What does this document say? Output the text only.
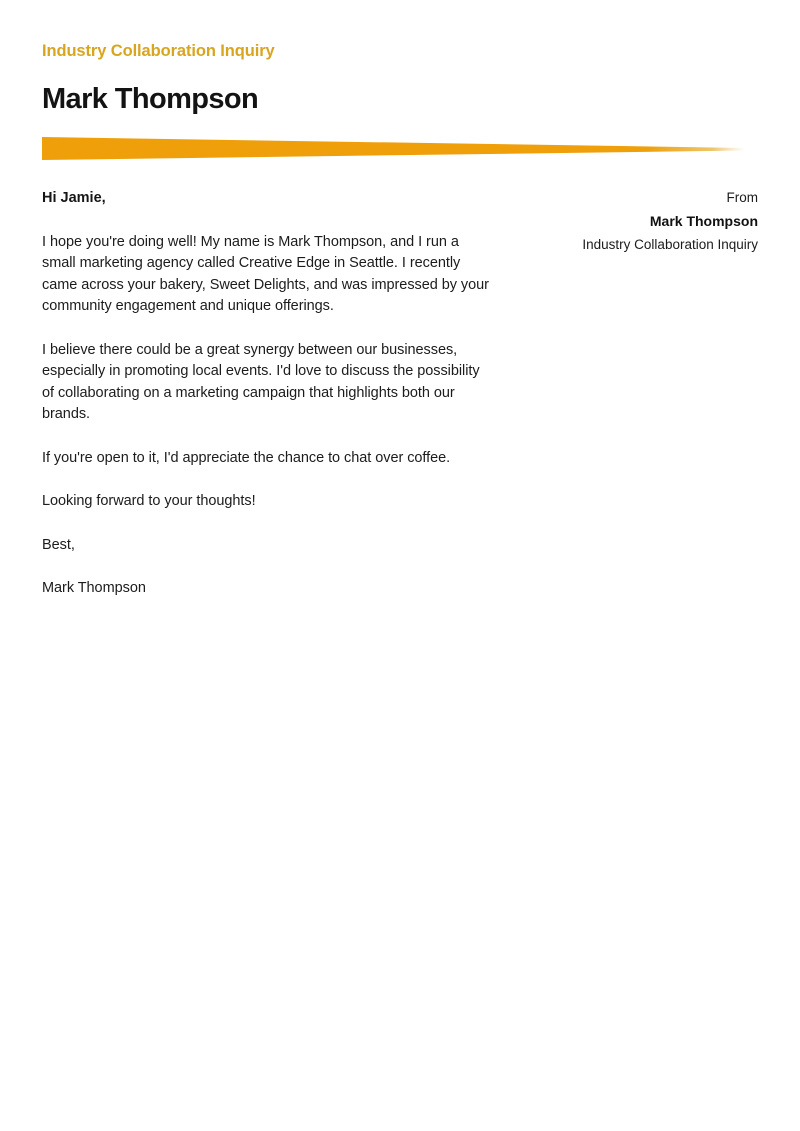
Industry Collaboration Inquiry
Mark Thompson

Hi Jamie,

I hope you're doing well! My name is Mark Thompson, and I run a small marketing agency called Creative Edge in Seattle. I recently came across your bakery, Sweet Delights, and was impressed by your community engagement and unique offerings.

I believe there could be a great synergy between our businesses, especially in promoting local events. I'd love to discuss the possibility of collaborating on a marketing campaign that highlights both our brands.

If you're open to it, I'd appreciate the chance to chat over coffee.

Looking forward to your thoughts!

Best,

Mark Thompson

From
Mark Thompson
Industry Collaboration Inquiry
